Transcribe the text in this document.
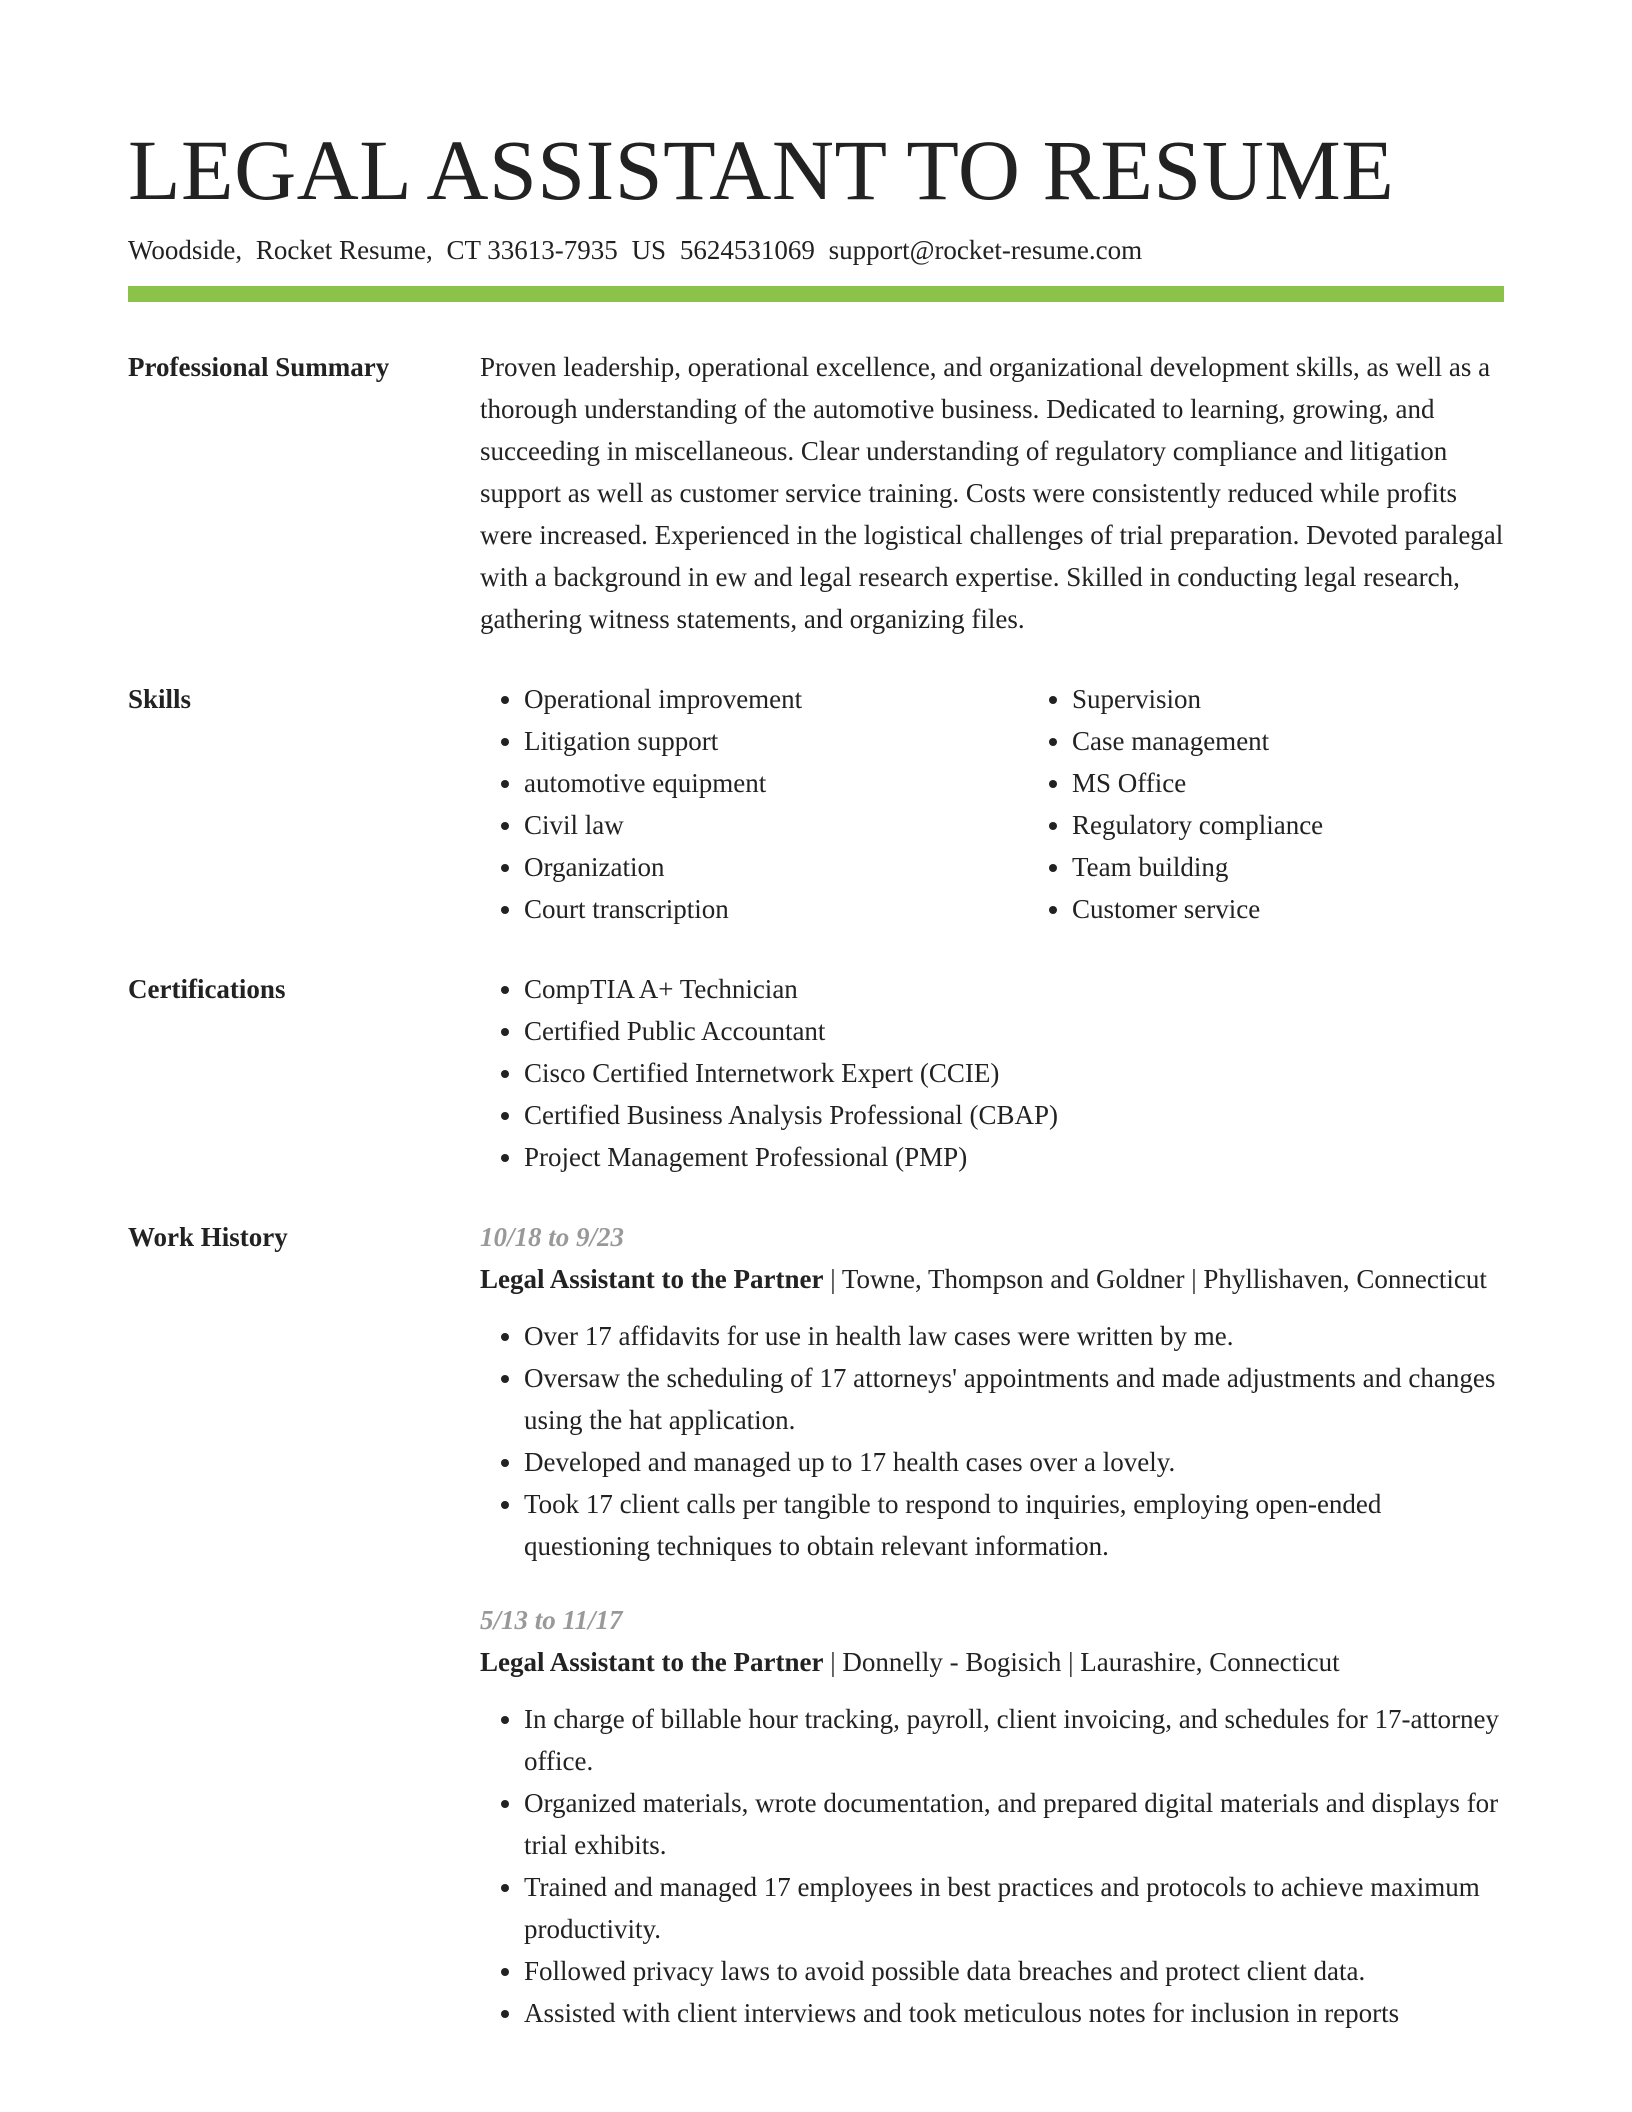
LEGAL ASSISTANT TO RESUME
Woodside, Rocket Resume, CT 33613-7935 US 5624531069 support@rocket-resume.com
Professional Summary	Proven leadership, operational excellence, and organizational development skills, as well as a thorough understanding of the automotive business. Dedicated to learning, growing, and succeeding in miscellaneous. Clear understanding of regulatory compliance and litigation support as well as customer service training. Costs were consistently reduced while profits were increased. Experienced in the logistical challenges of trial preparation. Devoted paralegal with a background in ew and legal research expertise. Skilled in conducting legal research, gathering witness statements, and organizing files.

Skills	• Operational improvement
• Litigation support
• automotive equipment
• Civil law
• Organization
• Court transcription
• Supervision
• Case management
• MS Office
• Regulatory compliance
• Team building
• Customer service
Certifications	• CompTIA A+ Technician
• Certified Public Accountant
• Cisco Certified Internetwork Expert (CCIE)
• Certified Business Analysis Professional (CBAP)
• Project Management Professional (PMP)
Work History	10/18 to 9/23
Legal Assistant to the Partner | Towne, Thompson and Goldner | Phyllishaven, Connecticut
• Over 17 affidavits for use in health law cases were written by me.
• Oversaw the scheduling of 17 attorneys' appointments and made adjustments and changes using the hat application.
• Developed and managed up to 17 health cases over a lovely.
• Took 17 client calls per tangible to respond to inquiries, employing open-ended questioning techniques to obtain relevant information.
5/13 to 11/17
Legal Assistant to the Partner | Donnelly - Bogisich | Laurashire, Connecticut
• In charge of billable hour tracking, payroll, client invoicing, and schedules for 17-attorney office.
• Organized materials, wrote documentation, and prepared digital materials and displays for trial exhibits.
• Trained and managed 17 employees in best practices and protocols to achieve maximum productivity.
• Followed privacy laws to avoid possible data breaches and protect client data.
• Assisted with client interviews and took meticulous notes for inclusion in reports
